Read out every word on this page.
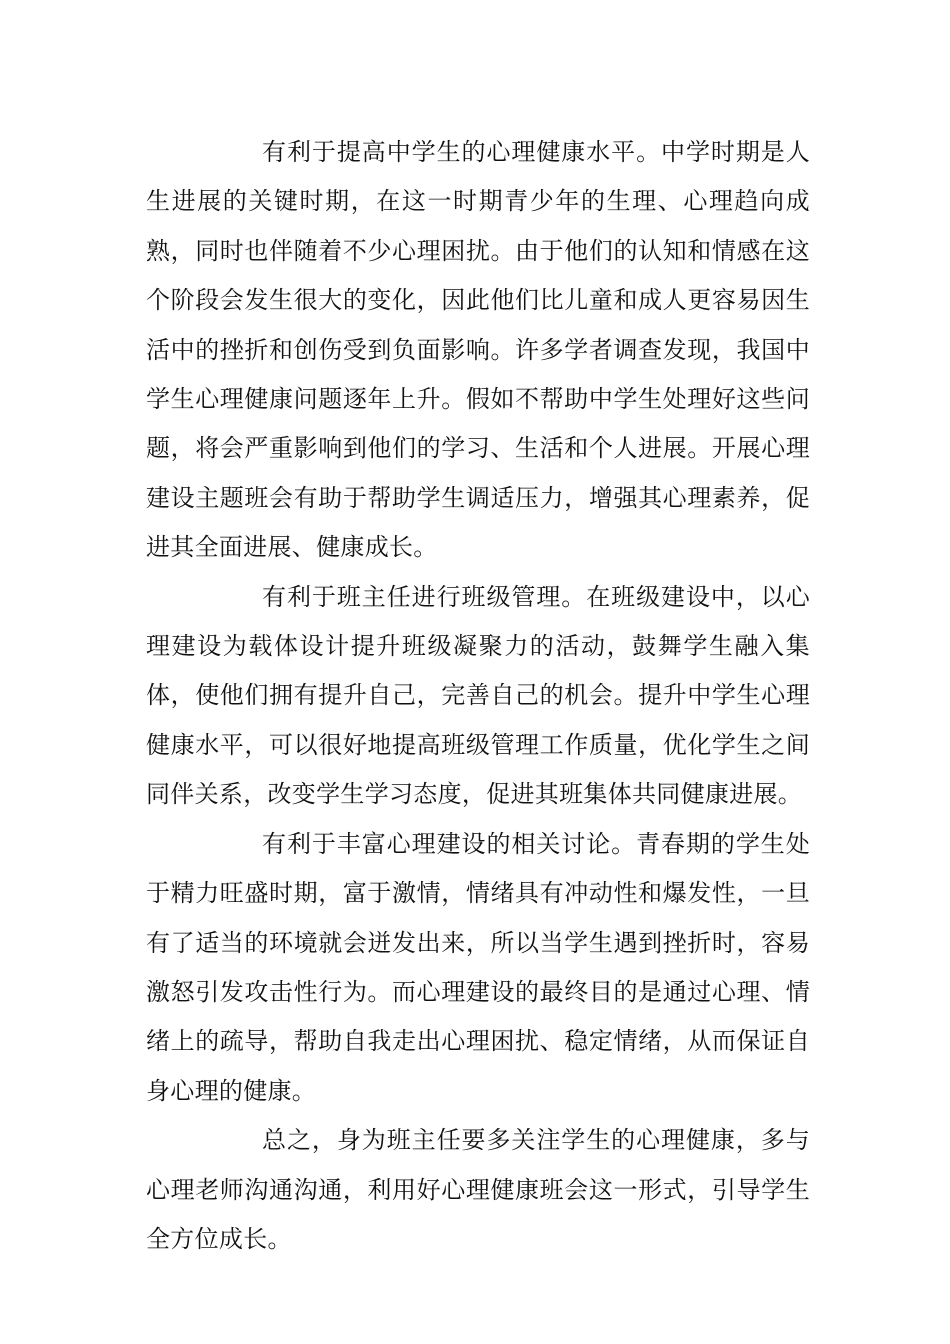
有利于提高中学生的心理健康水平。中学时期是人生进展的关键时期，在这一时期青少年的生理、心理趋向成熟，同时也伴随着不少心理困扰。由于他们的认知和情感在这个阶段会发生很大的变化，因此他们比儿童和成人更容易因生活中的挫折和创伤受到负面影响。许多学者调查发现，我国中学生心理健康问题逐年上升。假如不帮助中学生处理好这些问题，将会严重影响到他们的学习、生活和个人进展。开展心理建设主题班会有助于帮助学生调适压力，增强其心理素养，促进其全面进展、健康成长。

有利于班主任进行班级管理。在班级建设中，以心理建设为载体设计提升班级凝聚力的活动，鼓舞学生融入集体，使他们拥有提升自己，完善自己的机会。提升中学生心理健康水平，可以很好地提高班级管理工作质量，优化学生之间同伴关系，改变学生学习态度，促进其班集体共同健康进展。

有利于丰富心理建设的相关讨论。青春期的学生处于精力旺盛时期，富于激情，情绪具有冲动性和爆发性，一旦有了适当的环境就会迸发出来，所以当学生遇到挫折时，容易激怒引发攻击性行为。而心理建设的最终目的是通过心理、情绪上的疏导，帮助自我走出心理困扰、稳定情绪，从而保证自身心理的健康。

总之，身为班主任要多关注学生的心理健康，多与心理老师沟通沟通，利用好心理健康班会这一形式，引导学生全方位成长。
